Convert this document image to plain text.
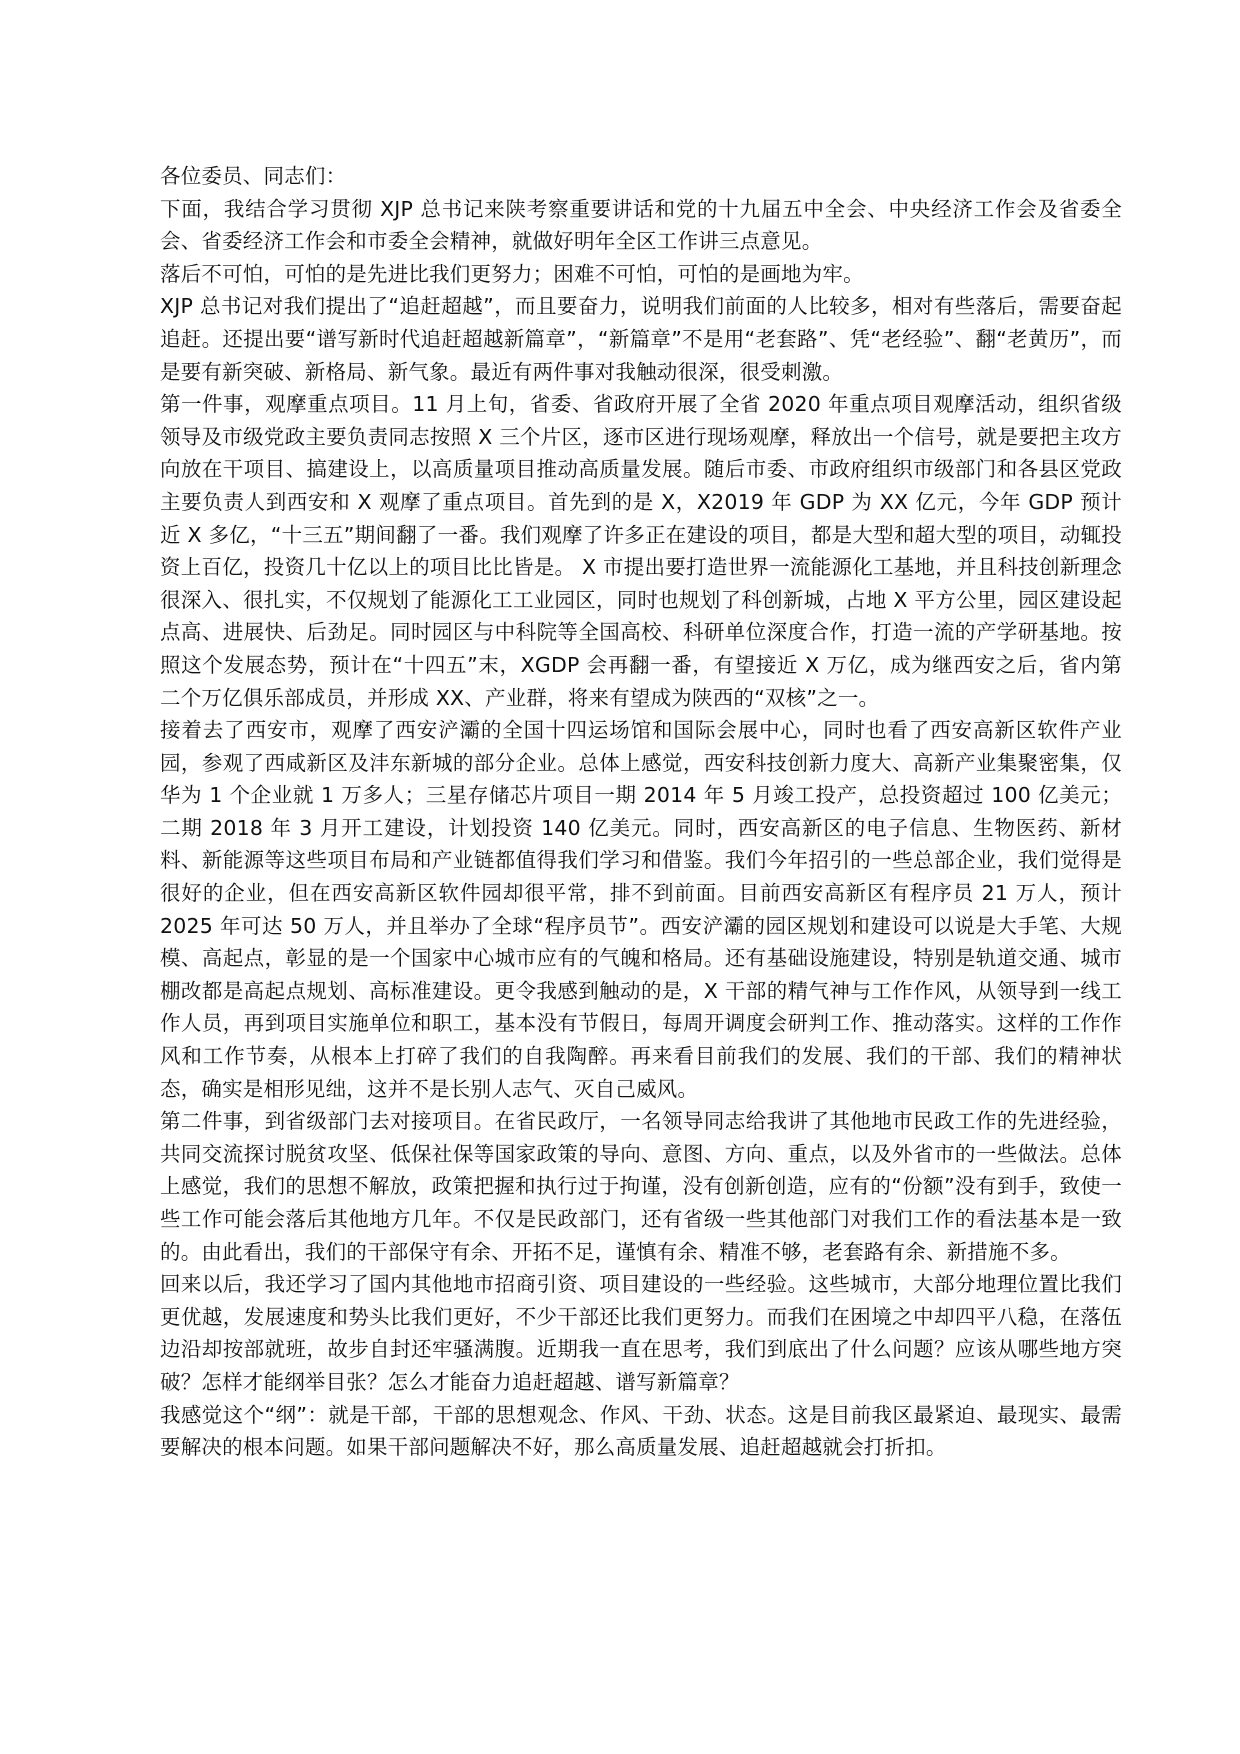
各位委员、同志们：

下面，我结合学习贯彻 XJP 总书记来陕考察重要讲话和党的十九届五中全会、中央经济工作会及省委全会、省委经济工作会和市委全会精神，就做好明年全区工作讲三点意见。

落后不可怕，可怕的是先进比我们更努力；困难不可怕，可怕的是画地为牢。

XJP 总书记对我们提出了“追赶超越”，而且要奋力，说明我们前面的人比较多，相对有些落后，需要奋起追赶。还提出要“谱写新时代追赶超越新篇章”，“新篇章”不是用“老套路”、凭“老经验”、翻“老黄历”，而是要有新突破、新格局、新气象。最近有两件事对我触动很深，很受刺激。

第一件事，观摩重点项目。11 月上旬，省委、省政府开展了全省 2020 年重点项目观摩活动，组织省级领导及市级党政主要负责同志按照 X 三个片区，逐市区进行现场观摩，释放出一个信号，就是要把主攻方向放在干项目、搞建设上，以高质量项目推动高质量发展。随后市委、市政府组织市级部门和各县区党政主要负责人到西安和 X 观摩了重点项目。首先到的是 X，X2019 年 GDP 为 XX 亿元，今年 GDP 预计近 X 多亿，“十三五”期间翻了一番。我们观摩了许多正在建设的项目，都是大型和超大型的项目，动辄投资上百亿，投资几十亿以上的项目比比皆是。 X 市提出要打造世界一流能源化工基地，并且科技创新理念很深入、很扎实，不仅规划了能源化工工业园区，同时也规划了科创新城，占地 X 平方公里，园区建设起点高、进展快、后劲足。同时园区与中科院等全国高校、科研单位深度合作，打造一流的产学研基地。按照这个发展态势，预计在“十四五”末，XGDP 会再翻一番，有望接近 X 万亿，成为继西安之后，省内第二个万亿俱乐部成员，并形成 XX、产业群，将来有望成为陕西的“双核”之一。

接着去了西安市，观摩了西安浐灞的全国十四运场馆和国际会展中心，同时也看了西安高新区软件产业园，参观了西咸新区及沣东新城的部分企业。总体上感觉，西安科技创新力度大、高新产业集聚密集，仅华为 1 个企业就 1 万多人；三星存储芯片项目一期 2014 年 5 月竣工投产，总投资超过 100 亿美元；二期 2018 年 3 月开工建设，计划投资 140 亿美元。同时，西安高新区的电子信息、生物医药、新材料、新能源等这些项目布局和产业链都值得我们学习和借鉴。我们今年招引的一些总部企业，我们觉得是很好的企业，但在西安高新区软件园却很平常，排不到前面。目前西安高新区有程序员 21 万人，预计 2025 年可达 50 万人，并且举办了全球“程序员节”。西安浐灞的园区规划和建设可以说是大手笔、大规模、高起点，彰显的是一个国家中心城市应有的气魄和格局。还有基础设施建设，特别是轨道交通、城市棚改都是高起点规划、高标准建设。更令我感到触动的是，X 干部的精气神与工作作风，从领导到一线工作人员，再到项目实施单位和职工，基本没有节假日，每周开调度会研判工作、推动落实。这样的工作作风和工作节奏，从根本上打碎了我们的自我陶醉。再来看目前我们的发展、我们的干部、我们的精神状态，确实是相形见绌，这并不是长别人志气、灭自己威风。

第二件事，到省级部门去对接项目。在省民政厅，一名领导同志给我讲了其他地市民政工作的先进经验，共同交流探讨脱贫攻坚、低保社保等国家政策的导向、意图、方向、重点，以及外省市的一些做法。总体上感觉，我们的思想不解放，政策把握和执行过于拘谨，没有创新创造，应有的“份额”没有到手，致使一些工作可能会落后其他地方几年。不仅是民政部门，还有省级一些其他部门对我们工作的看法基本是一致的。由此看出，我们的干部保守有余、开拓不足，谨慎有余、精准不够，老套路有余、新措施不多。

回来以后，我还学习了国内其他地市招商引资、项目建设的一些经验。这些城市，大部分地理位置比我们更优越，发展速度和势头比我们更好，不少干部还比我们更努力。而我们在困境之中却四平八稳，在落伍边沿却按部就班，故步自封还牢骚满腹。近期我一直在思考，我们到底出了什么问题？应该从哪些地方突破？怎样才能纲举目张？怎么才能奋力追赶超越、谱写新篇章？

我感觉这个“纲”：就是干部，干部的思想观念、作风、干劲、状态。这是目前我区最紧迫、最现实、最需要解决的根本问题。如果干部问题解决不好，那么高质量发展、追赶超越就会打折扣。
